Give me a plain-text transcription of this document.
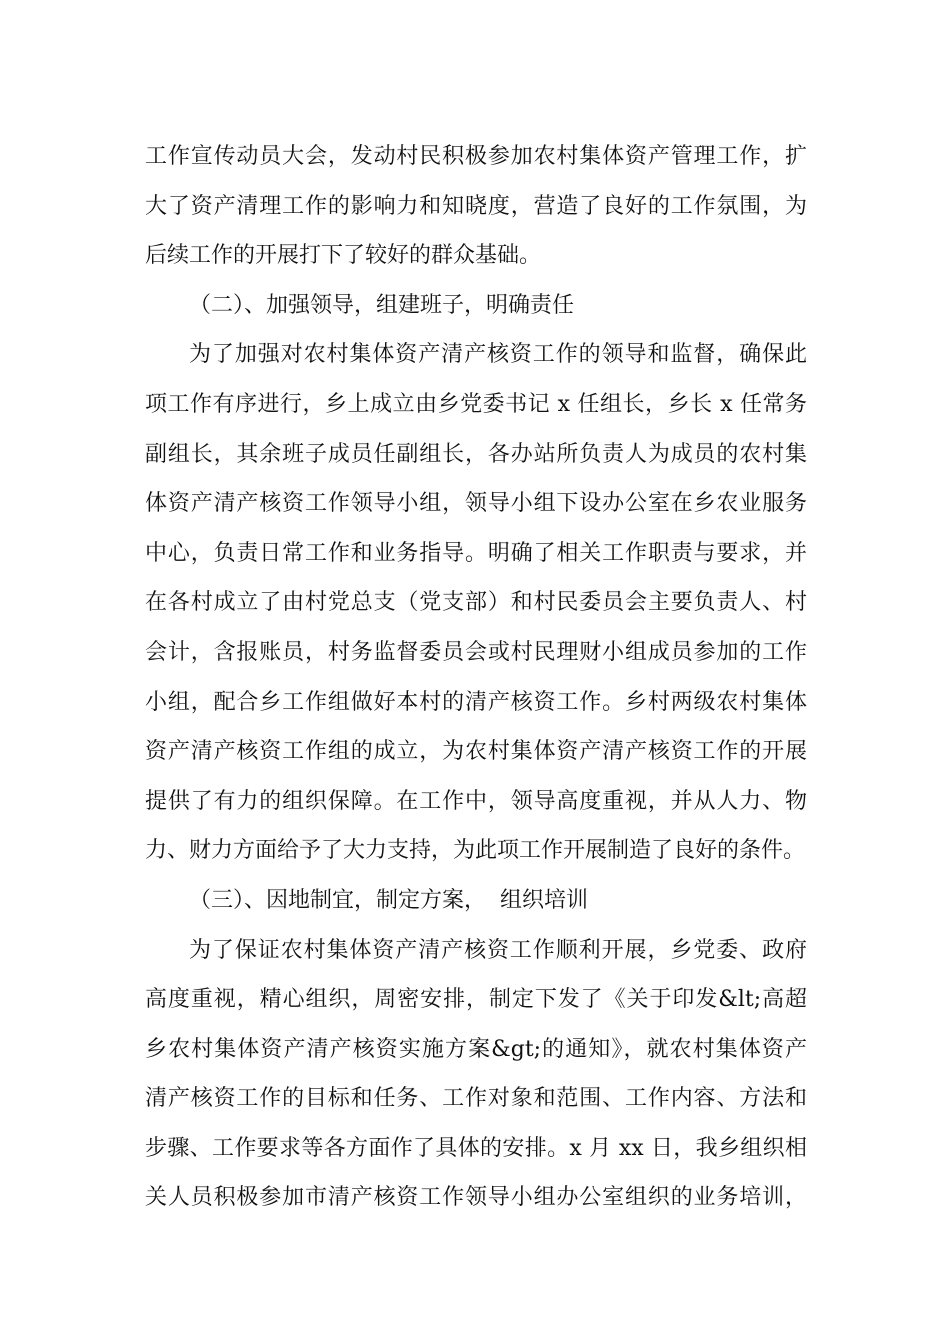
工作宣传动员大会，发动村民积极参加农村集体资产管理工作，扩
大了资产清理工作的影响力和知晓度，营造了良好的工作氛围，为
后续工作的开展打下了较好的群众基础。
（二）、加强领导，组建班子，明确责任
为了加强对农村集体资产清产核资工作的领导和监督，确保此
项工作有序进行，乡上成立由乡党委书记 x 任组长，乡长 x 任常务
副组长，其余班子成员任副组长，各办站所负责人为成员的农村集
体资产清产核资工作领导小组，领导小组下设办公室在乡农业服务
中心，负责日常工作和业务指导。明确了相关工作职责与要求，并
在各村成立了由村党总支（党支部）和村民委员会主要负责人、村
会计，含报账员，村务监督委员会或村民理财小组成员参加的工作
小组，配合乡工作组做好本村的清产核资工作。乡村两级农村集体
资产清产核资工作组的成立，为农村集体资产清产核资工作的开展
提供了有力的组织保障。在工作中，领导高度重视，并从人力、物
力、财力方面给予了大力支持，为此项工作开展制造了良好的条件。
（三）、因地制宜，制定方案，  组织培训
为了保证农村集体资产清产核资工作顺利开展，乡党委、政府
高度重视，精心组织，周密安排，制定下发了《关于印发&lt;高超
乡农村集体资产清产核资实施方案&gt;的通知》，就农村集体资产
清产核资工作的目标和任务、工作对象和范围、工作内容、方法和
步骤、工作要求等各方面作了具体的安排。x 月 xx 日，我乡组织相
关人员积极参加市清产核资工作领导小组办公室组织的业务培训，
